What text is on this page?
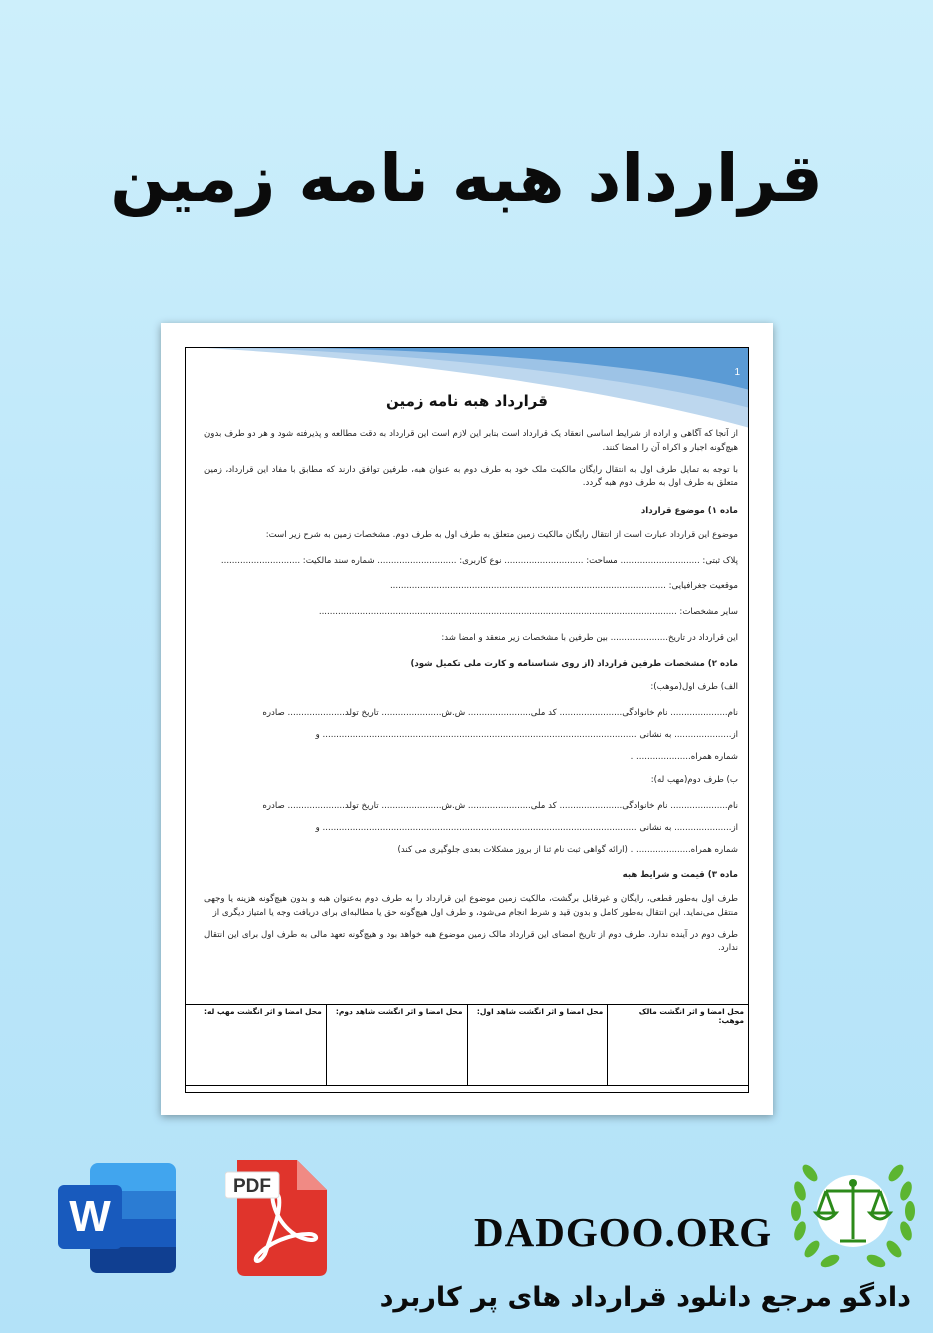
قرارداد هبه نامه زمین
1
قرارداد هبه نامه زمین

از آنجا که آگاهی و اراده از شرایط اساسی انعقاد یک قرارداد است بنابر این لازم است این قرارداد به دقت مطالعه و پذیرفته شود و هر دو طرف بدون هیچ‌گونه اجبار و اکراه آن را امضا کنند.

با توجه به تمایل طرف اول به انتقال رایگان مالکیت ملک خود به طرف دوم به عنوان هبه، طرفین توافق دارند که مطابق با مفاد این قرارداد، زمین متعلق به طرف اول به طرف دوم هبه گردد.

ماده ۱) موضوع قرارداد

موضوع این قرارداد عبارت است از انتقال رایگان مالکیت زمین متعلق به طرف اول به طرف دوم. مشخصات زمین به شرح زیر است:

پلاک ثبتی: ............................. مساحت: ............................. نوع کاربری: ............................. شماره سند مالکیت: .............................

موقعیت جغرافیایی: .....................................................................................................

سایر مشخصات: ...................................................................................................................................

این قرارداد در تاریخ..................... بین طرفین با مشخصات زیر منعقد و امضا شد:

ماده ۲) مشخصات طرفین قرارداد (از روی شناسنامه و کارت ملی تکمیل شود)

الف) طرف اول(موهب):

نام..................... نام خانوادگی....................... کد ملی....................... ش.ش...................... تاریخ تولد..................... صادره

از..................... به نشانی ................................................................................................................... و

شماره همراه.................... .

ب) طرف دوم(مهب له):

نام..................... نام خانوادگی....................... کد ملی....................... ش.ش...................... تاریخ تولد..................... صادره

از..................... به نشانی ................................................................................................................... و

شماره همراه.................... . (ارائه گواهی ثبت نام ثنا از بروز مشکلات بعدی جلوگیری می کند)

ماده ۳) قیمت و شرایط هبه

طرف اول به‌طور قطعی، رایگان و غیرقابل برگشت، مالکیت زمین موضوع این قرارداد را به طرف دوم به‌عنوان هبه و بدون هیچ‌گونه هزینه یا وجهی منتقل می‌نماید. این انتقال به‌طور کامل و بدون قید و شرط انجام می‌شود، و طرف اول هیچ‌گونه حق یا مطالبه‌ای برای دریافت وجه یا امتیاز دیگری از

طرف دوم در آینده ندارد. طرف دوم از تاریخ امضای این قرارداد مالک زمین موضوع هبه خواهد بود و هیچ‌گونه تعهد مالی به طرف اول برای این انتقال ندارد.

محل امضا و اثر انگشت مالک موهب:
محل امضا و اثر انگشت شاهد اول:
محل امضا و اثر انگشت شاهد دوم:
محل امضا و اثر انگشت مهب له:
W
PDF
DADGOO.ORG
دادگو مرجع دانلود قرارداد های پر کاربرد
